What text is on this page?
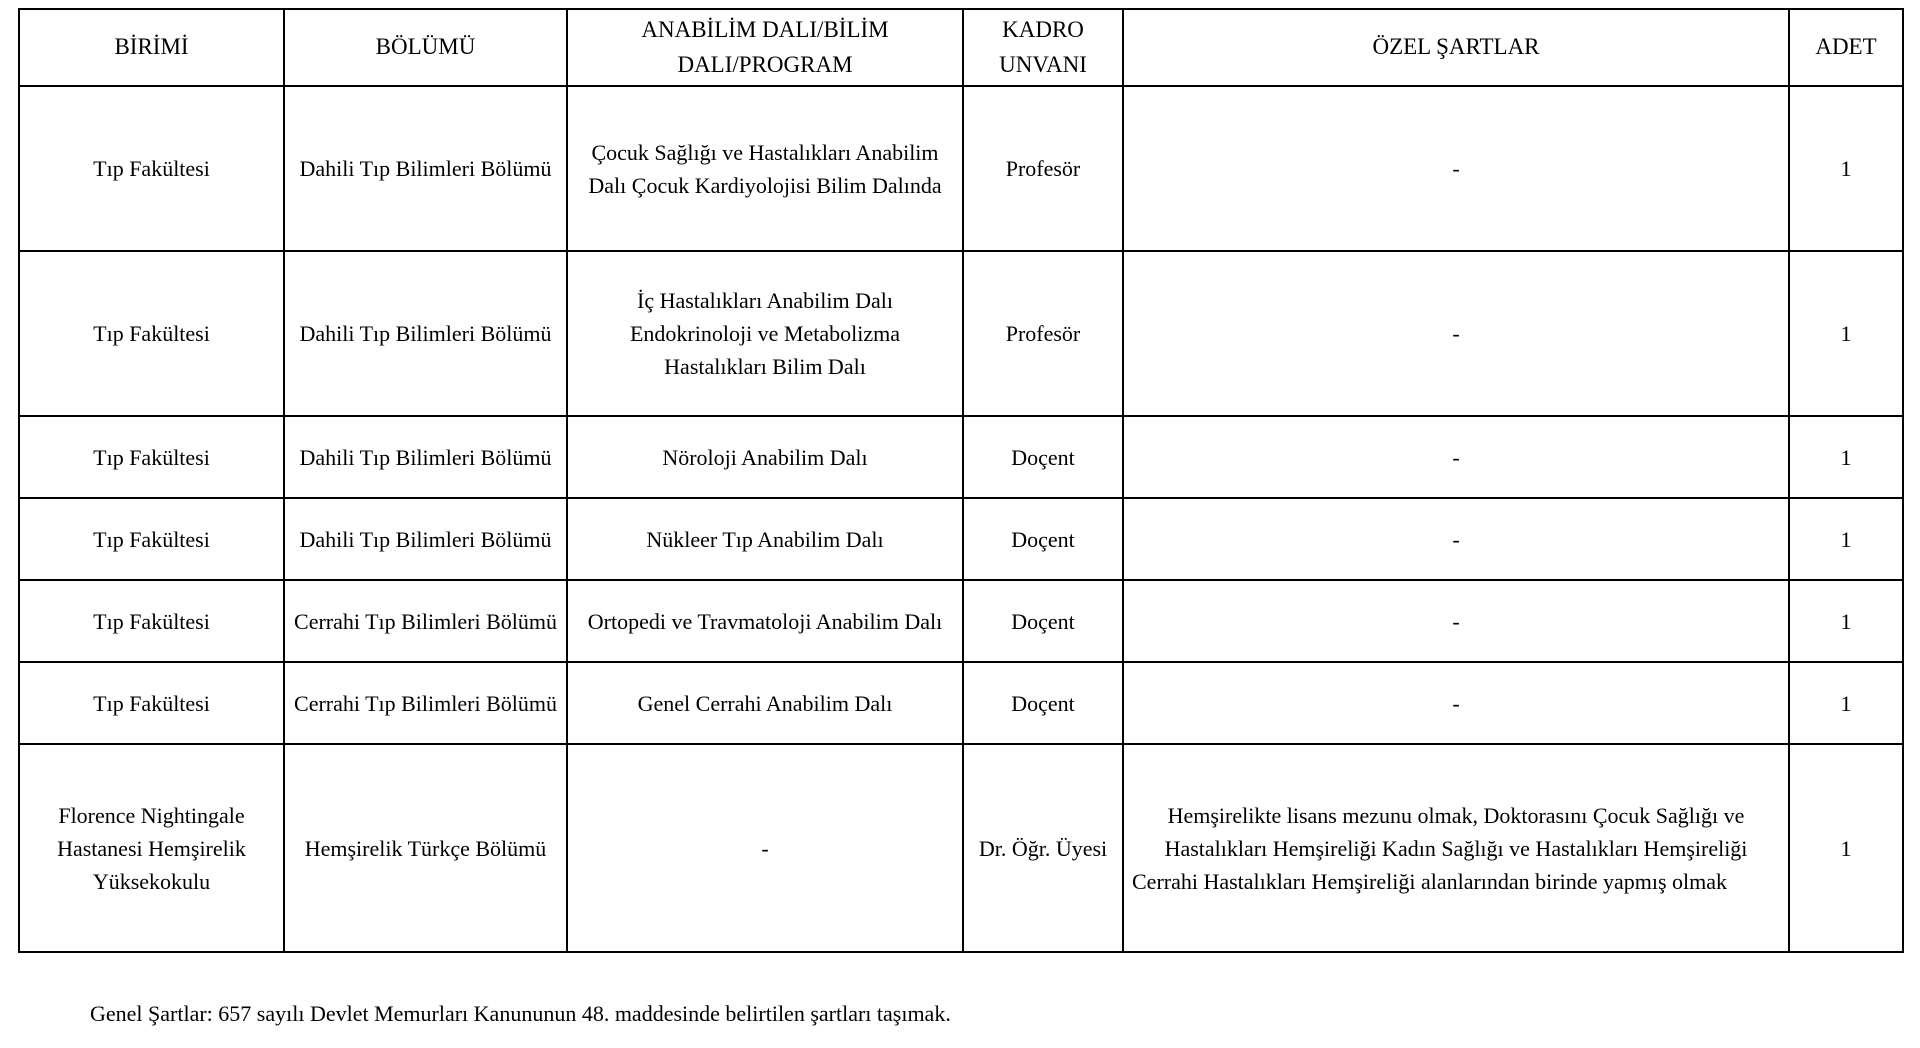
BİRİMİ	BÖLÜMÜ	ANABİLİM DALI/BİLİM DALI/PROGRAM	KADRO UNVANI	ÖZEL ŞARTLAR	ADET
Tıp Fakültesi	Dahili Tıp Bilimleri Bölümü	Çocuk Sağlığı ve Hastalıkları Anabilim Dalı Çocuk Kardiyolojisi Bilim Dalında	Profesör	-	1
Tıp Fakültesi	Dahili Tıp Bilimleri Bölümü	İç Hastalıkları Anabilim Dalı Endokrinoloji ve Metabolizma Hastalıkları Bilim Dalı	Profesör	-	1
Tıp Fakültesi	Dahili Tıp Bilimleri Bölümü	Nöroloji Anabilim Dalı	Doçent	-	1
Tıp Fakültesi	Dahili Tıp Bilimleri Bölümü	Nükleer Tıp Anabilim Dalı	Doçent	-	1
Tıp Fakültesi	Cerrahi Tıp Bilimleri Bölümü	Ortopedi ve Travmatoloji Anabilim Dalı	Doçent	-	1
Tıp Fakültesi	Cerrahi Tıp Bilimleri Bölümü	Genel Cerrahi Anabilim Dalı	Doçent	-	1
Florence Nightingale Hastanesi Hemşirelik Yüksekokulu	Hemşirelik Türkçe Bölümü	-	Dr. Öğr. Üyesi	Hemşirelikte lisans mezunu olmak, Doktorasını Çocuk Sağlığı ve Hastalıkları Hemşireliği Kadın Sağlığı ve Hastalıkları Hemşireliği Cerrahi Hastalıkları Hemşireliği alanlarından birinde yapmış olmak	1

Genel Şartlar: 657 sayılı Devlet Memurları Kanununun 48. maddesinde belirtilen şartları taşımak.
